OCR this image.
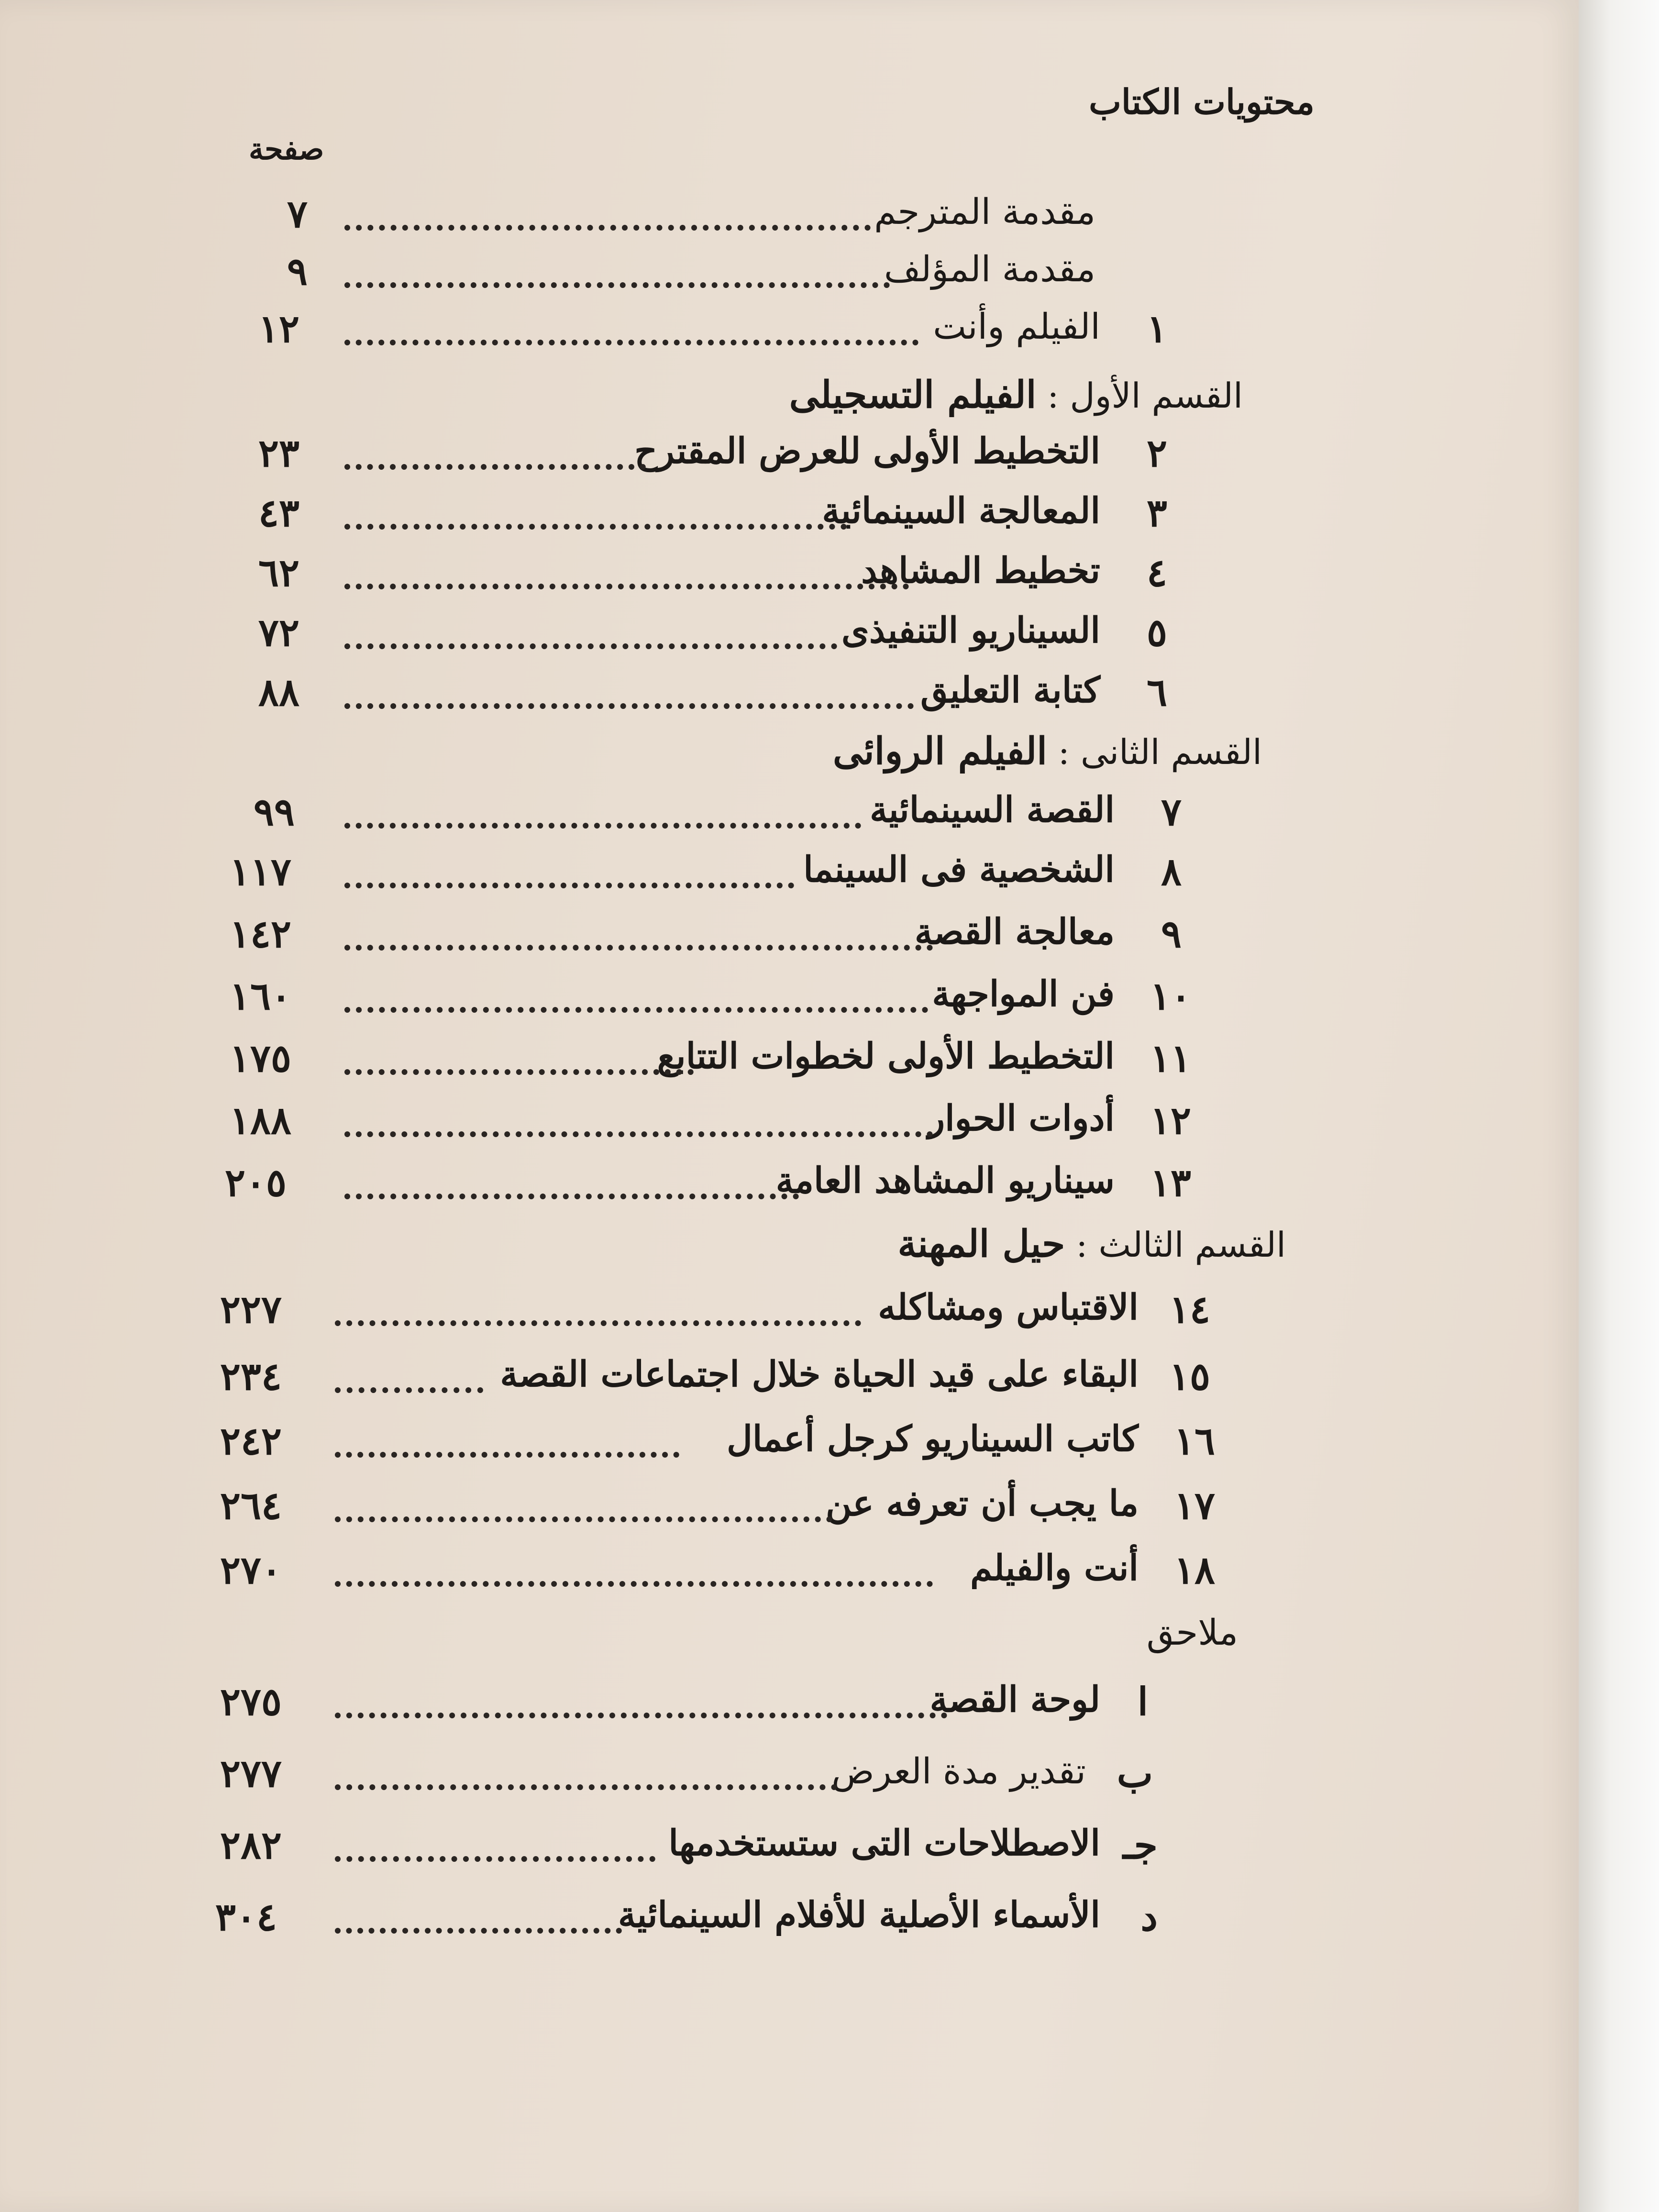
محتويات الكتاب
صفحة
مقدمة المترجم
٧
مقدمة المؤلف
٩
١
الفيلم وأنت
١٢
القسم الأول : الفيلم التسجيلى
٢
التخطيط الأولى للعرض المقترح
٢٣
٣
المعالجة السينمائية
٤٣
٤
تخطيط المشاهد
٦٢
٥
السيناريو التنفيذى
٧٢
٦
كتابة التعليق
٨٨
القسم الثانى : الفيلم الروائى
٧
القصة السينمائية
٩٩
٨
الشخصية فى السينما
١١٧
٩
معالجة القصة
١٤٢
١٠
فن المواجهة
١٦٠
١١
التخطيط الأولى لخطوات التتابع
١٧٥
١٢
أدوات الحوار
١٨٨
١٣
سيناريو المشاهد العامة
٢٠٥
القسم الثالث : حيل المهنة
١٤
الاقتباس ومشاكله
٢٢٧
١٥
البقاء على قيد الحياة خلال اجتماعات القصة
٢٣٤
١٦
كاتب السيناريو كرجل أعمال
٢٤٢
١٧
ما يجب أن تعرفه عن
٢٦٤
١٨
أنت والفيلم
٢٧٠
ملاحق
ا
لوحة القصة
٢٧٥
ب
تقدير مدة العرض
٢٧٧
جـ
الاصطلاحات التى ستستخدمها
٢٨٢
د
الأسماء الأصلية للأفلام السينمائية
٣٠٤
